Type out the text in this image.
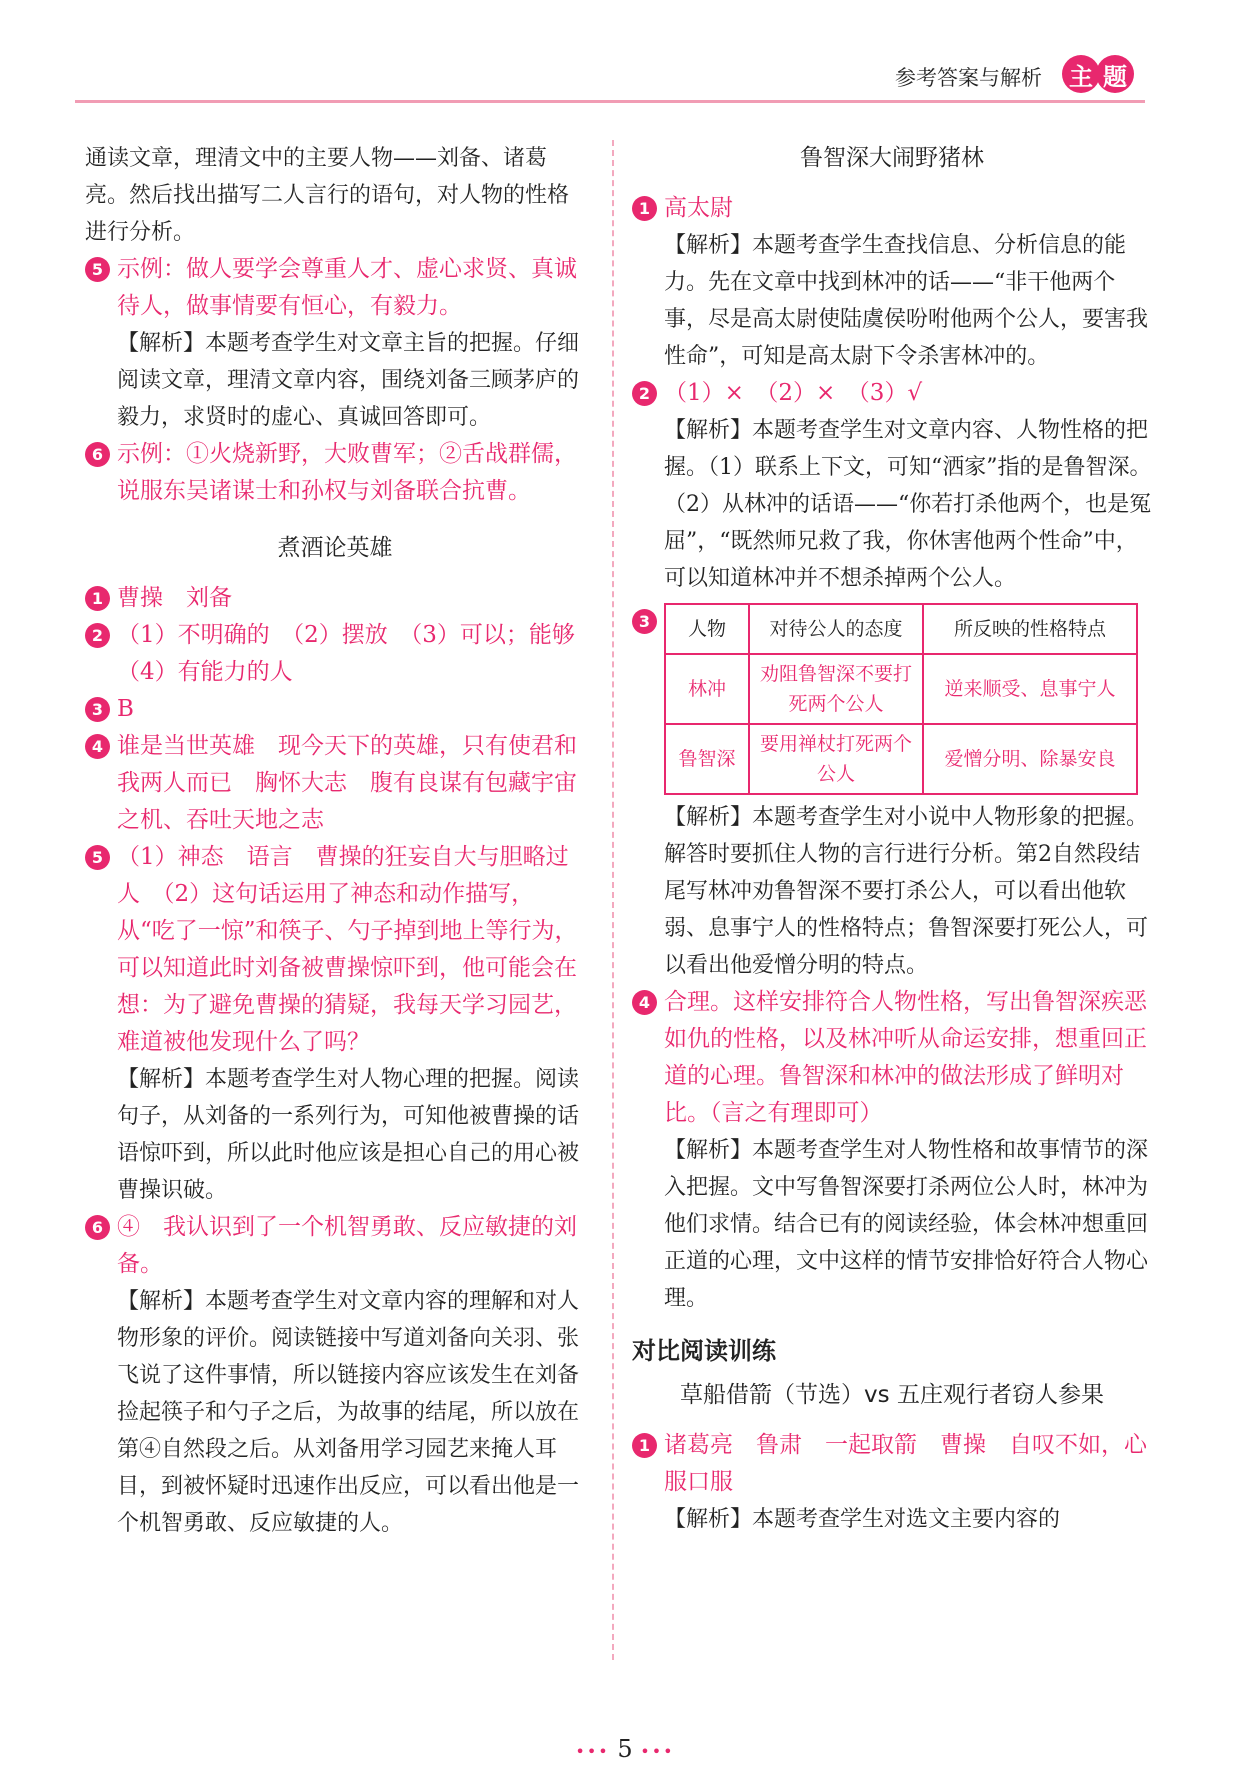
参考答案与解析 主 题

通读文章，理清文中的主要人物——刘备、诸葛亮。然后找出描写二人言行的语句，对人物的性格进行分析。

5 示例：做人要学会尊重人才、虚心求贤、真诚待人，做事情要有恒心，有毅力。

【解析】本题考查学生对文章主旨的把握。仔细阅读文章，理清文章内容，围绕刘备三顾茅庐的毅力，求贤时的虚心、真诚回答即可。

6 示例：①火烧新野，大败曹军；②舌战群儒，说服东吴诸谋士和孙权与刘备联合抗曹。

煮酒论英雄
1 曹操　刘备

2 （1）不明确的　（2）摆放　（3）可以；能够　（4）有能力的人

3 B

4 谁是当世英雄　现今天下的英雄，只有使君和我两人而已　胸怀大志　腹有良谋有包藏宇宙之机、吞吐天地之志

5 （1）神态　语言　曹操的狂妄自大与胆略过人　（2）这句话运用了神态和动作描写，从“吃了一惊”和筷子、勺子掉到地上等行为，可以知道此时刘备被曹操惊吓到，他可能会在想：为了避免曹操的猜疑，我每天学习园艺，难道被他发现什么了吗？

【解析】本题考查学生对人物心理的把握。阅读句子，从刘备的一系列行为，可知他被曹操的话语惊吓到，所以此时他应该是担心自己的用心被曹操识破。

6 ④　我认识到了一个机智勇敢、反应敏捷的刘备。

【解析】本题考查学生对文章内容的理解和对人物形象的评价。阅读链接中写道刘备向关羽、张飞说了这件事情，所以链接内容应该发生在刘备捡起筷子和勺子之后，为故事的结尾，所以放在第④自然段之后。从刘备用学习园艺来掩人耳目，到被怀疑时迅速作出反应，可以看出他是一个机智勇敢、反应敏捷的人。

鲁智深大闹野猪林
1 高太尉

【解析】本题考查学生查找信息、分析信息的能力。先在文章中找到林冲的话——“非干他两个事，尽是高太尉使陆虞侯吩咐他两个公人，要害我性命”，可知是高太尉下令杀害林冲的。

2 （1）×　（2）×　（3）√

【解析】本题考查学生对文章内容、人物性格的把握。（1）联系上下文，可知“洒家”指的是鲁智深。（2）从林冲的话语——“你若打杀他两个，也是冤屈”，“既然师兄救了我，你休害他两个性命”中，可以知道林冲并不想杀掉两个公人。

3	人物	对待公人的态度	所反映的性格特点
林冲	劝阻鲁智深不要打死两个公人	逆来顺受、息事宁人
鲁智深	要用禅杖打死两个公人	爱憎分明、除暴安良

【解析】本题考查学生对小说中人物形象的把握。解答时要抓住人物的言行进行分析。第2自然段结尾写林冲劝鲁智深不要打杀公人，可以看出他软弱、息事宁人的性格特点；鲁智深要打死公人，可以看出他爱憎分明的特点。

4 合理。这样安排符合人物性格，写出鲁智深疾恶如仇的性格，以及林冲听从命运安排，想重回正道的心理。鲁智深和林冲的做法形成了鲜明对比。（言之有理即可）

【解析】本题考查学生对人物性格和故事情节的深入把握。文中写鲁智深要打杀两位公人时，林冲为他们求情。结合已有的阅读经验，体会林冲想重回正道的心理，文中这样的情节安排恰好符合人物心理。

对比阅读训练
草船借箭（节选）vs 五庄观行者窃人参果
1 诸葛亮　鲁肃　一起取箭　曹操　自叹不如，心服口服

【解析】本题考查学生对选文主要内容的

••• 5 •••
